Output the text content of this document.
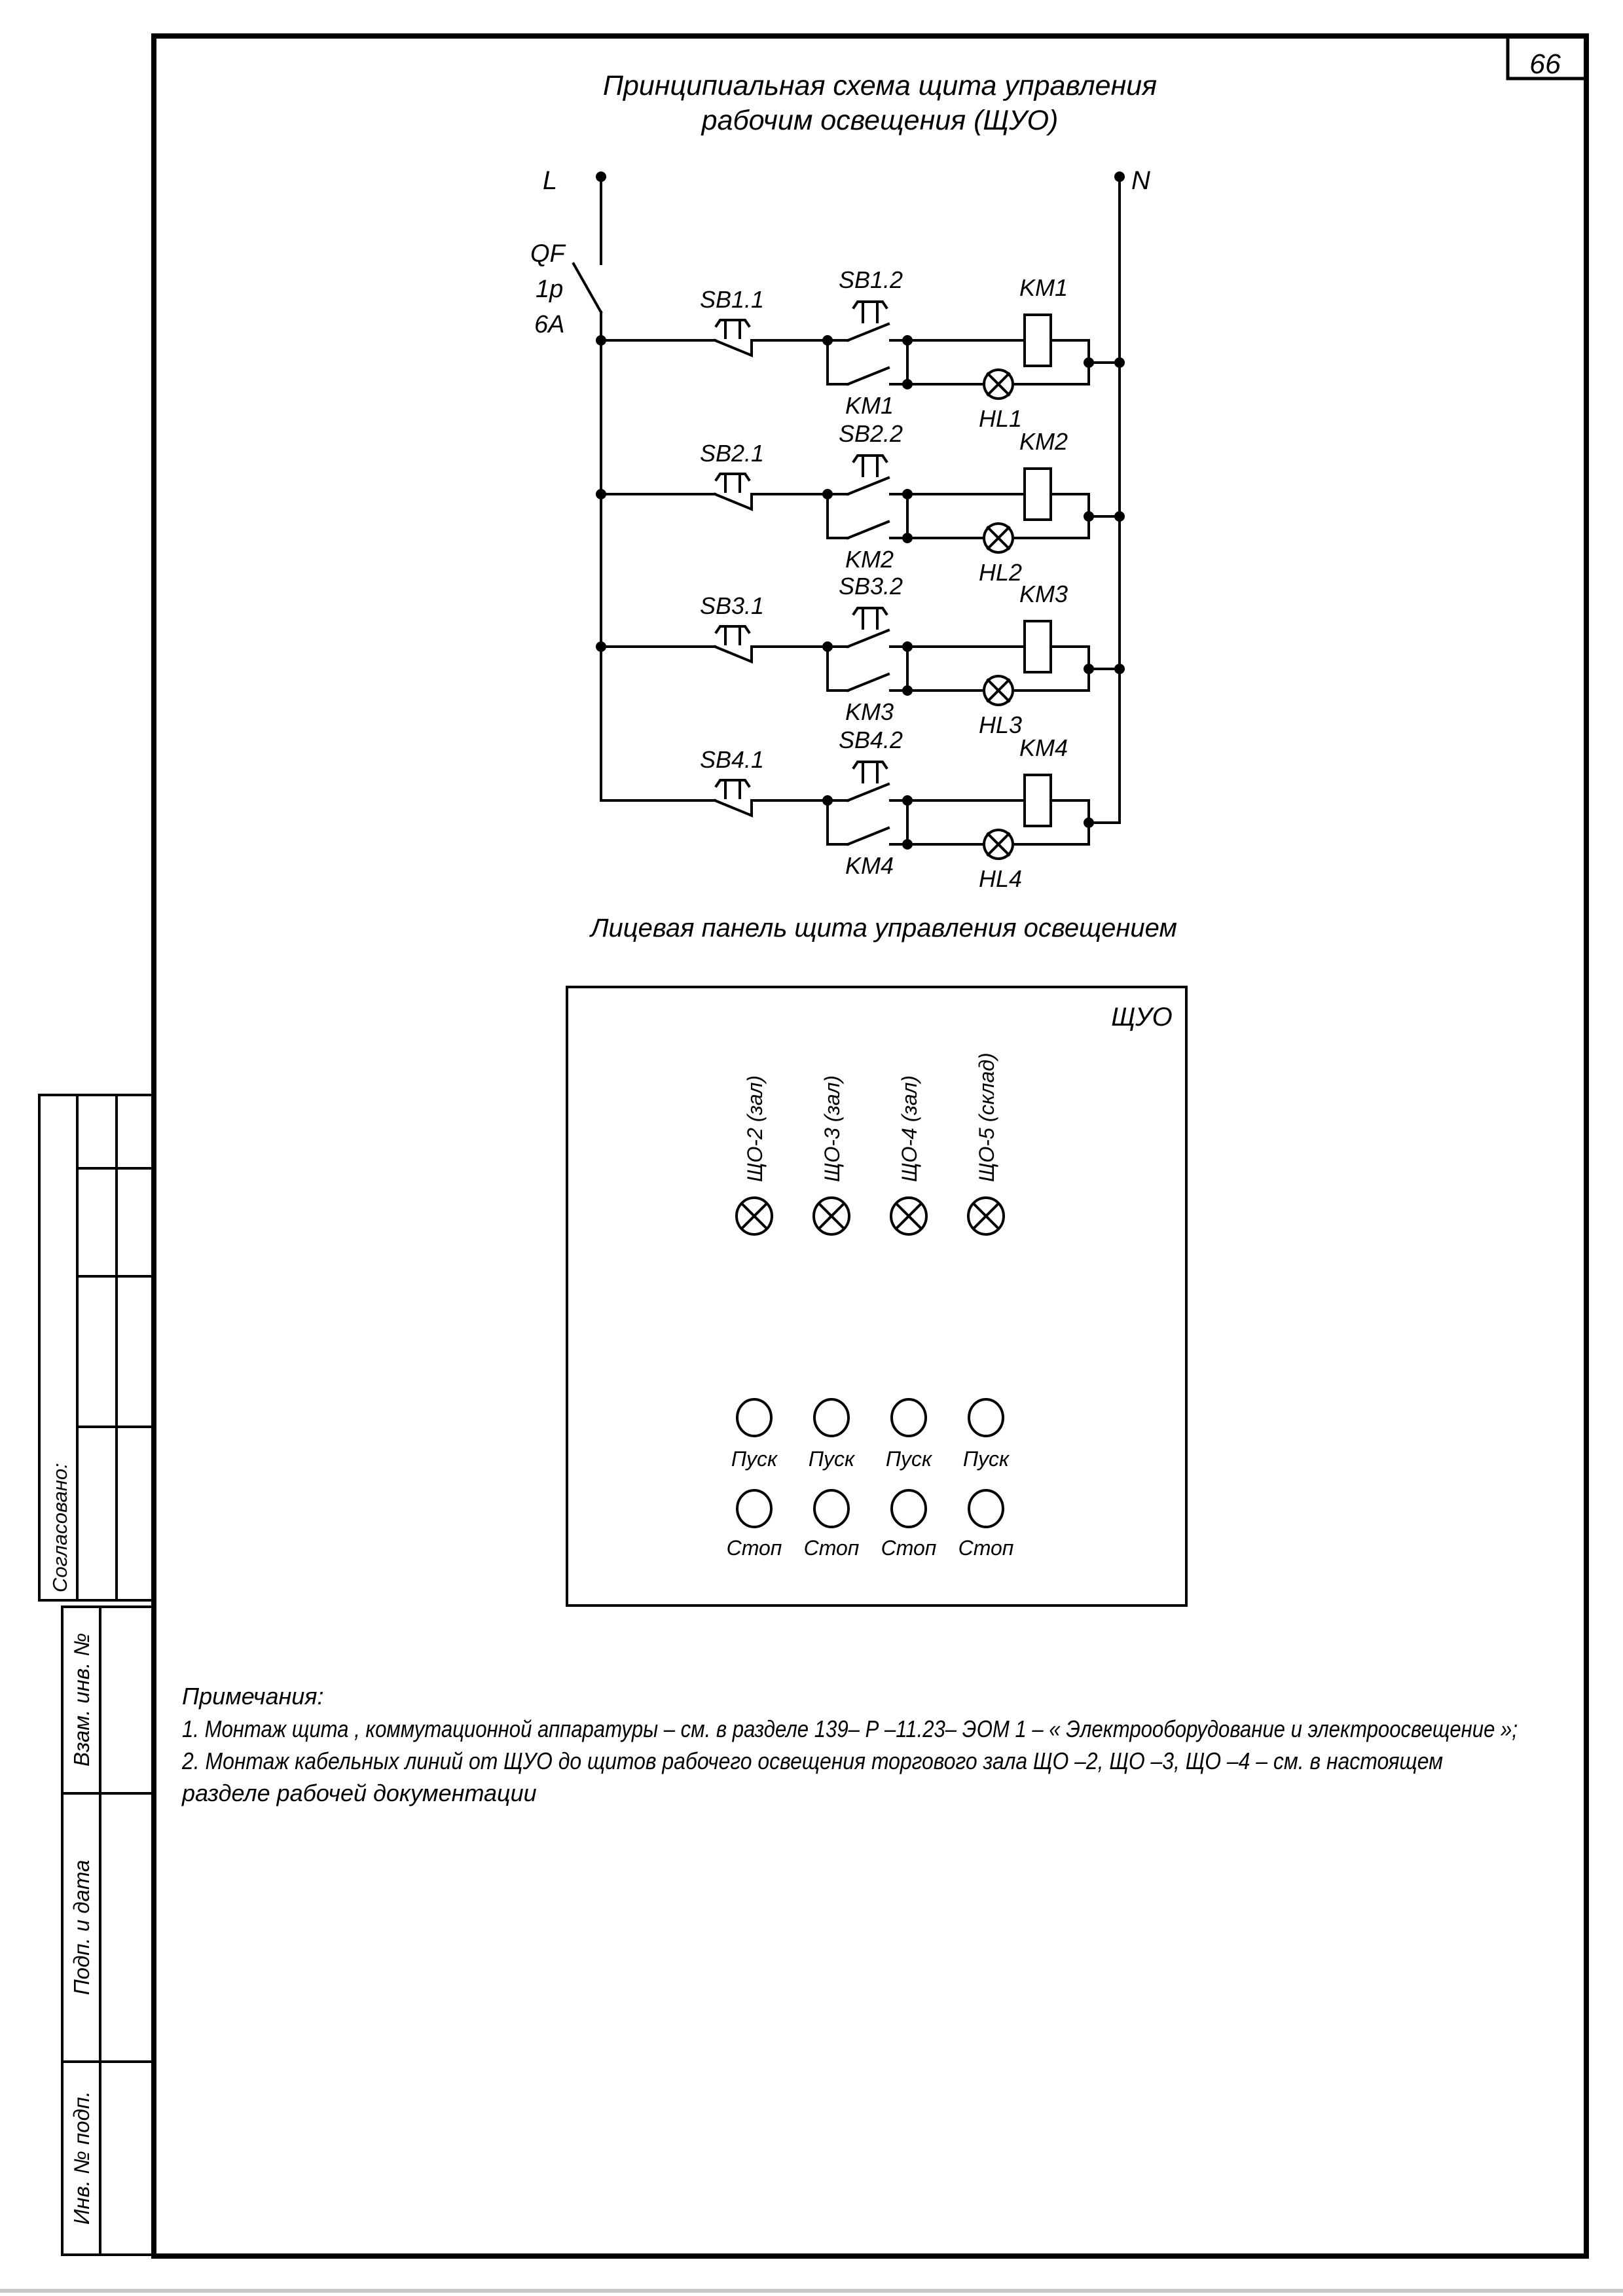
66
Принципиальная схема щита управления
рабочим освещения (ЩУО)
L	N
QF
1p
6A
SB1.1
SB1.2	KM1
KM1	HL1
SB2.1
SB2.2	KM2
KM2	HL2
SB3.1
SB3.2	KM3
KM3	HL3
SB4.1
SB4.2	KM4
KM4	HL4
Лицевая панель щита управления освещением
ЩУО
ЩО-2 (зал)
Пуск
Стоп
ЩО-3 (зал)
Пуск
Стоп
ЩО-4 (зал)
Пуск
Стоп
ЩО-5 (склад)
Пуск
Стоп
Примечания:
1. Монтаж щита , коммутационной аппаратуры – см. в разделе 139– Р –11.23– ЭОМ 1 – « Электрооборудование и электроосвещение »;
2. Монтаж кабельных линий от ЩУО до щитов рабочего освещения торгового зала ЩО –2, ЩО –3, ЩО –4 – см. в настоящем
разделе рабочей документации
Согласовано:
Взам. инв. №
Подп. и дата
Инв. № подп.
